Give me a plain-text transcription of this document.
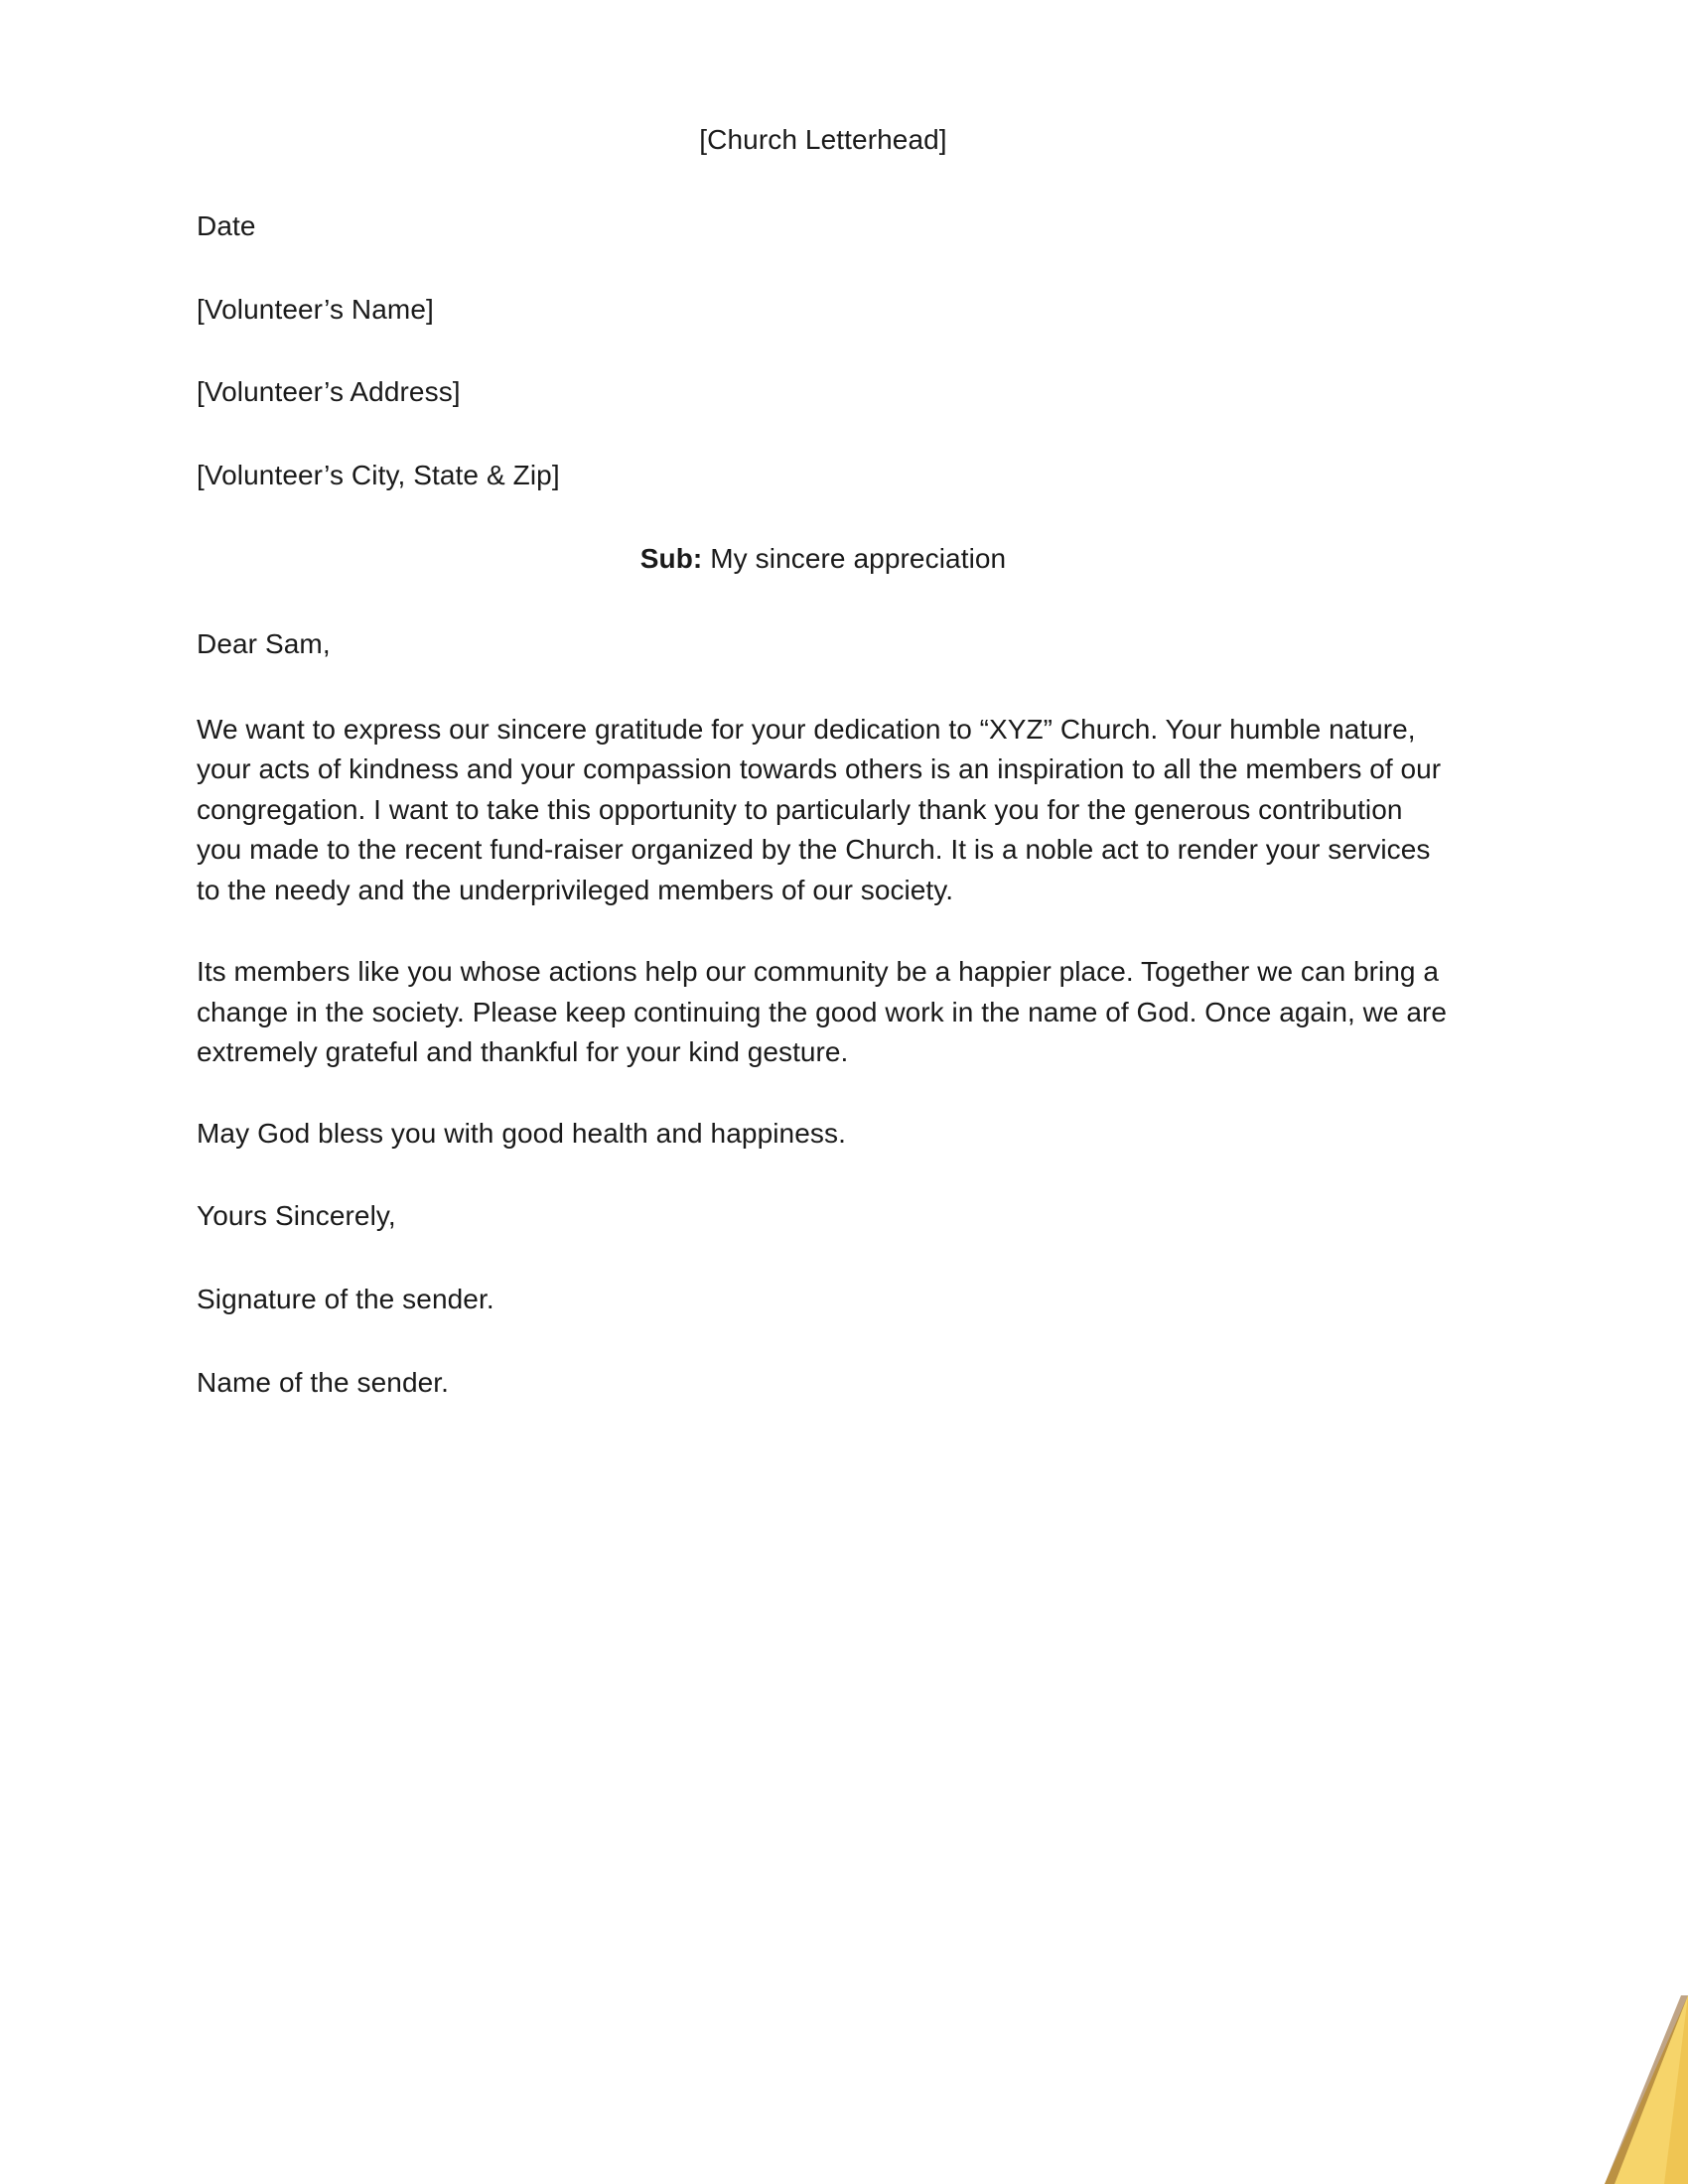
[Church Letterhead]

Date

[Volunteer’s Name]

[Volunteer’s Address]

[Volunteer’s City, State & Zip]

Sub: My sincere appreciation

Dear Sam,

We want to express our sincere gratitude for your dedication to “XYZ” Church. Your humble nature, your acts of kindness and your compassion towards others is an inspiration to all the members of our congregation. I want to take this opportunity to particularly thank you for the generous contribution you made to the recent fund-raiser organized by the Church. It is a noble act to render your services to the needy and the underprivileged members of our society.

Its members like you whose actions help our community be a happier place. Together we can bring a change in the society. Please keep continuing the good work in the name of God. Once again, we are extremely grateful and thankful for your kind gesture.

May God bless you with good health and happiness.

Yours Sincerely,

Signature of the sender.

Name of the sender.
